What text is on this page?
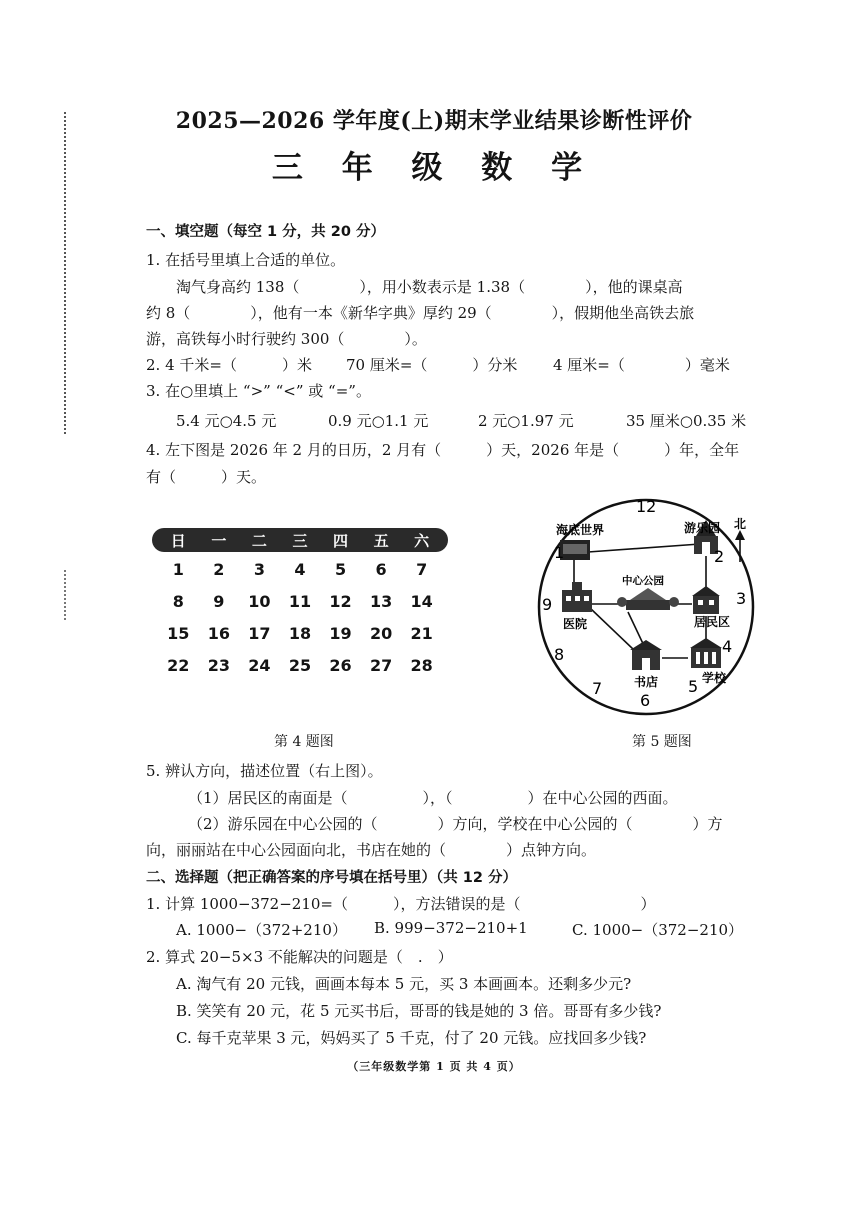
2025—2026 学年度(上)期末学业结果诊断性评价
三 年 级 数 学
一、填空题（每空 1 分，共 20 分）
1. 在括号里填上合适的单位。
淘气身高约 138（　　　　），用小数表示是 1.38（　　　　），他的课桌高
约 8（　　　　），他有一本《新华字典》厚约 29（　　　　），假期他坐高铁去旅
游，高铁每小时行驶约 300（　　　　）。
2. 4 千米=（　　　）米 70 厘米=（　　　）分米 4 厘米=（　　　　）毫米
3. 在○里填上 “>” “<” 或 “=”。
5.4 元○4.5 元	0.9 元○1.1 元	2 元○1.97 元	35 厘米○0.35 米
4. 左下图是 2026 年 2 月的日历，2 月有（　　　）天，2026 年是（　　　）年，全年
有（　　　）天。
日	一	二	三	四	五	六
1	2	3	4	5	6	7
8	9	10 11 12 13 14
15 16 17 18 19 20 21
22 23 24 25 26 27 28
海底世界	游乐园 北
中心公园
医院	居民区
书店	学校
12
1	2
3
4
5
6
7
8
9
第 4 题图	第 5 题图
5. 辨认方向，描述位置（右上图）。
（1）居民区的南面是（　　　　　），（　　　　　）在中心公园的西面。
（2）游乐园在中心公园的（　　　　）方向，学校在中心公园的（　　　　）方
向，丽丽站在中心公园面向北，书店在她的（　　　　）点钟方向。
二、选择题（把正确答案的序号填在括号里）（共 12 分）
1. 计算 1000−372−210=（　　　），方法错误的是（　　　　　　　　）
A. 1000−（372+210） B. 999−372−210+1	C. 1000−（372−210）
2. 算式 20−5×3 不能解决的问题是（　.　）
A. 淘气有 20 元钱，画画本每本 5 元，买 3 本画画本。还剩多少元?
B. 笑笑有 20 元，花 5 元买书后，哥哥的钱是她的 3 倍。哥哥有多少钱?
C. 每千克苹果 3 元，妈妈买了 5 千克，付了 20 元钱。应找回多少钱?
（三年级数学第 1 页 共 4 页）
